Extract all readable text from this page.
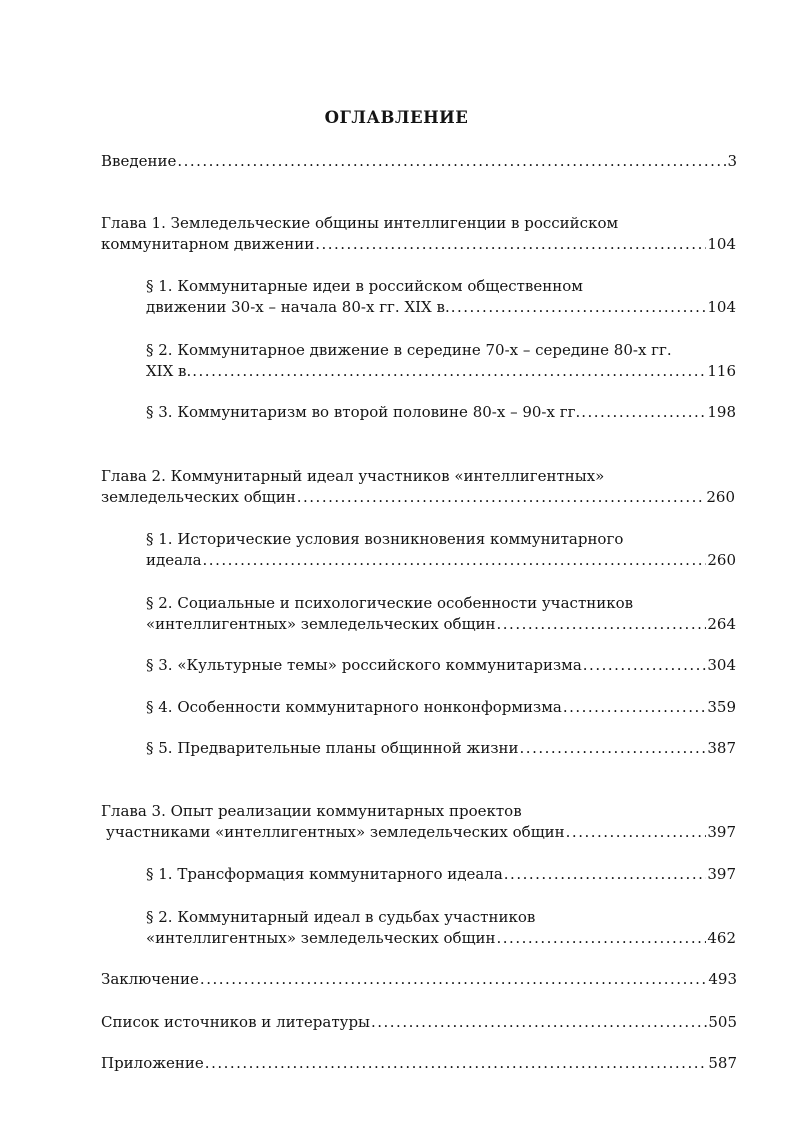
ОГЛАВЛЕНИЕ
Введение .....	3
Глава 1. Земледельческие общины интеллигенции в российском
коммунитарном движении .....	104
§ 1. Коммунитарные идеи в российском общественном
движении 30-х – начала 80-х гг. XIX в. .....	104
§ 2. Коммунитарное движение в середине 70-х – середине 80-х гг.
XIX в. .....	116
§ 3. Коммунитаризм во второй половине 80-х – 90-х гг. .....	198
Глава 2. Коммунитарный идеал участников «интеллигентных»
земледельческих общин .....	260
§ 1. Исторические условия возникновения коммунитарного
идеала .....	260
§ 2. Социальные и психологические особенности участников
«интеллигентных» земледельческих общин .....	264
§ 3. «Культурные темы» российского коммунитаризма .....	304
§ 4. Особенности коммунитарного нонконформизма .....	359
§ 5. Предварительные планы общинной жизни .....	387
Глава 3. Опыт реализации коммунитарных проектов
участниками «интеллигентных» земледельческих общин .....	397
§ 1. Трансформация коммунитарного идеала .....	397
§ 2. Коммунитарный идеал в судьбах участников
«интеллигентных» земледельческих общин .....	462
Заключение .....	493
Список источников и литературы .....	505
Приложение .....	587
